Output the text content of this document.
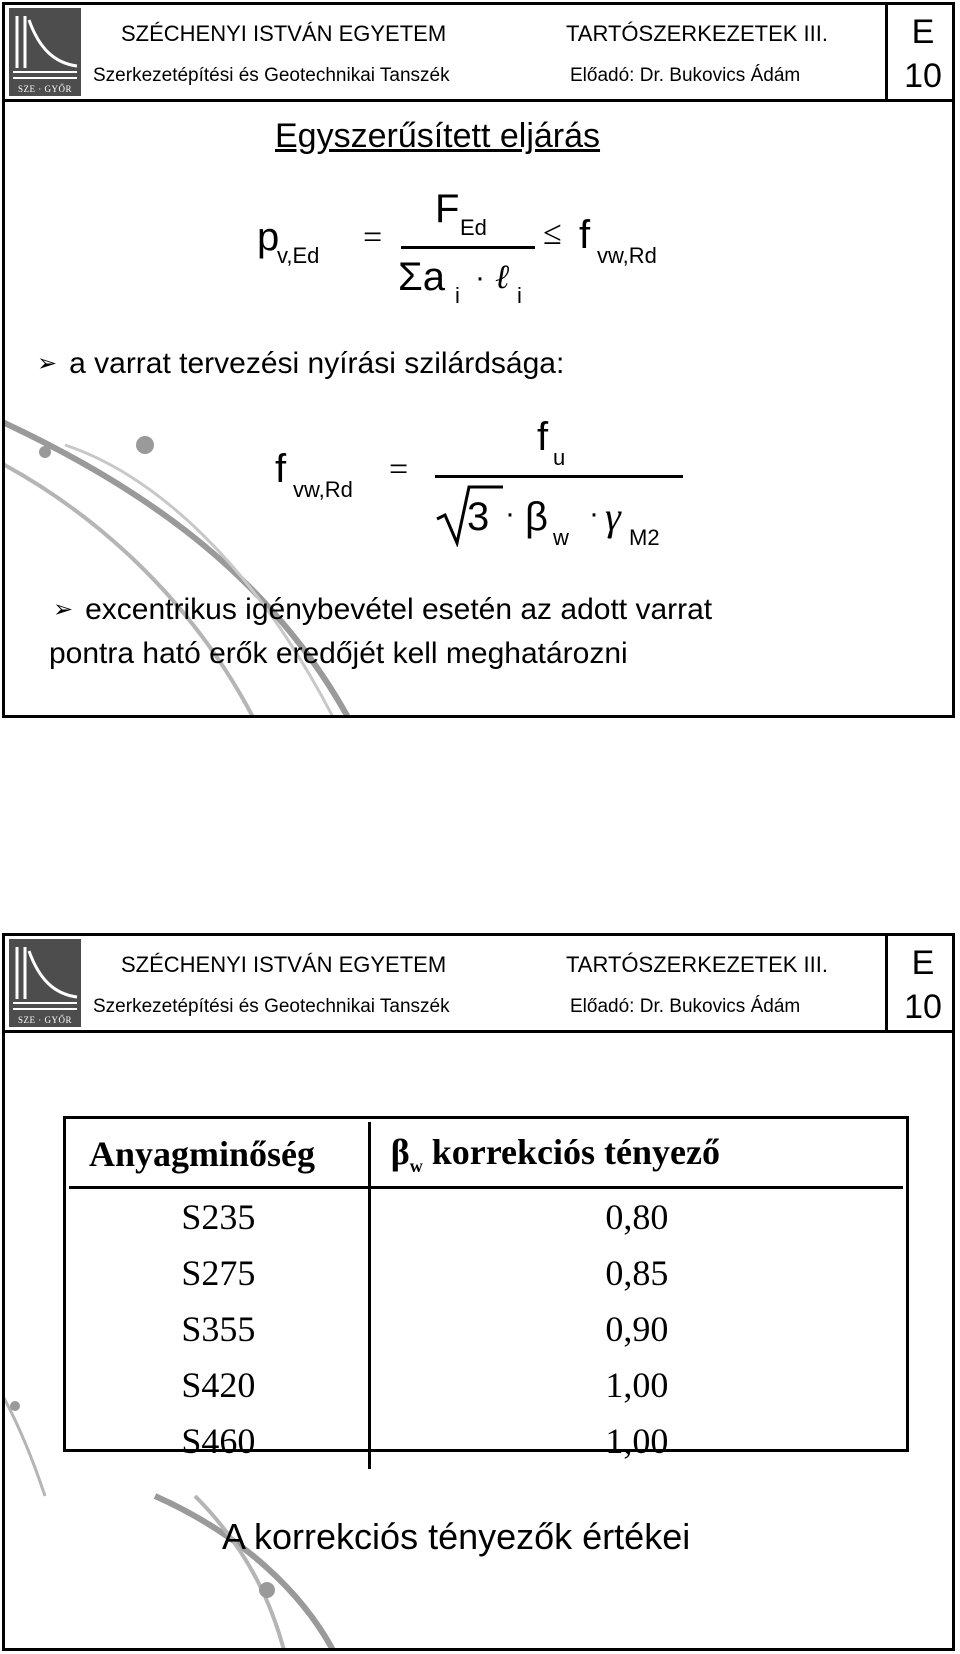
SZE · GYŐR
SZÉCHENYI ISTVÁN EGYETEM
Szerkezetépítési és Geotechnikai Tanszék
TARTÓSZERKEZETEK III.
Előadó: Dr. Bukovics Ádám
E
10
Egyszerűsített eljárás
p
v,Ed =
F Ed
Σa i
· ℓ i
≤ f vw,Rd
➢ a varrat tervezési nyírási szilárdsága:
f vw,Rd
=
f u
3 · β w
· γ M2
➢ excentrikus igénybevétel esetén az adott varrat
pontra ható erők eredőjét kell meghatározni
SZE · GYŐR
SZÉCHENYI ISTVÁN EGYETEM
Szerkezetépítési és Geotechnikai Tanszék
TARTÓSZERKEZETEK III.
Előadó: Dr. Bukovics Ádám
E
10
Anyagminőség	$\beta_w$ korrekciós tényező
S235	0,80
S275	0,85
S355	0,90
S420	1,00
S460	1,00
A korrekciós tényezők értékei
